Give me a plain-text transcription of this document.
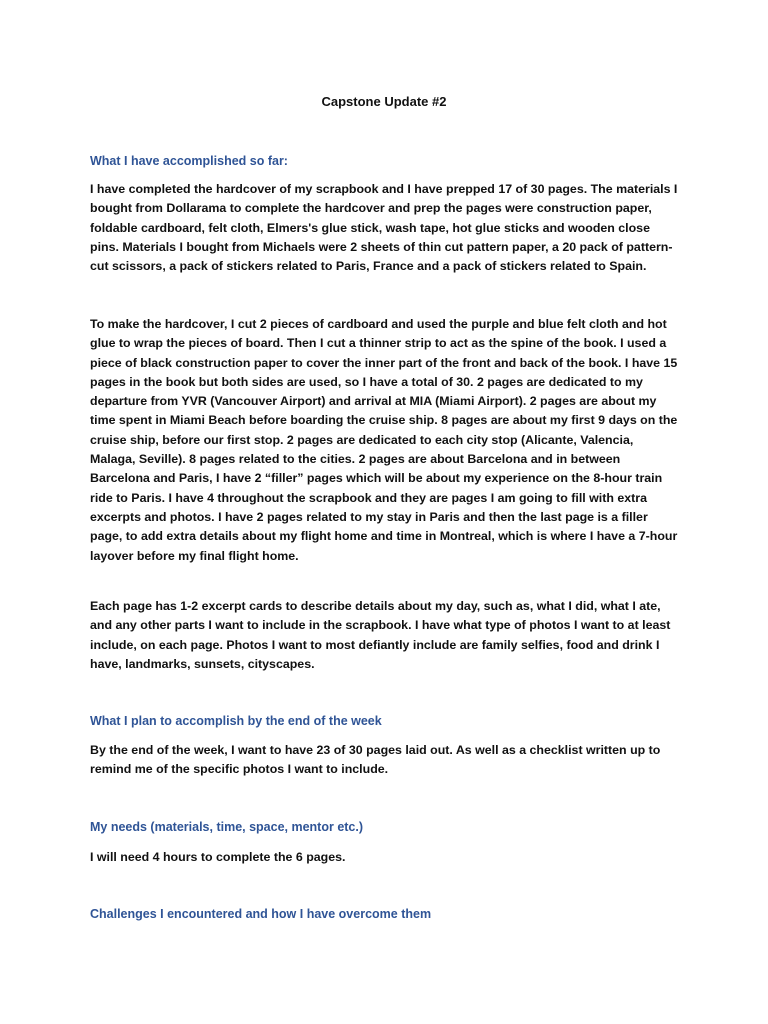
Capstone Update #2
What I have accomplished so far:

I have completed the hardcover of my scrapbook and I have prepped 17 of 30 pages. The materials I bought from Dollarama to complete the hardcover and prep the pages were construction paper, foldable cardboard, felt cloth, Elmers's glue stick, wash tape, hot glue sticks and wooden close pins. Materials I bought from Michaels were 2 sheets of thin cut pattern paper, a 20 pack of pattern-cut scissors, a pack of stickers related to Paris, France and a pack of stickers related to Spain.

To make the hardcover, I cut 2 pieces of cardboard and used the purple and blue felt cloth and hot glue to wrap the pieces of board. Then I cut a thinner strip to act as the spine of the book. I used a piece of black construction paper to cover the inner part of the front and back of the book. I have 15 pages in the book but both sides are used, so I have a total of 30. 2 pages are dedicated to my departure from YVR (Vancouver Airport) and arrival at MIA (Miami Airport). 2 pages are about my time spent in Miami Beach before boarding the cruise ship. 8 pages are about my first 9 days on the cruise ship, before our first stop. 2 pages are dedicated to each city stop (Alicante, Valencia, Malaga, Seville). 8 pages related to the cities. 2 pages are about Barcelona and in between Barcelona and Paris, I have 2 “filler” pages which will be about my experience on the 8-hour train ride to Paris. I have 4 throughout the scrapbook and they are pages I am going to fill with extra excerpts and photos. I have 2 pages related to my stay in Paris and then the last page is a filler page, to add extra details about my flight home and time in Montreal, which is where I have a 7-hour layover before my final flight home.

Each page has 1-2 excerpt cards to describe details about my day, such as, what I did, what I ate, and any other parts I want to include in the scrapbook. I have what type of photos I want to at least include, on each page. Photos I want to most defiantly include are family selfies, food and drink I have, landmarks, sunsets, cityscapes.

What I plan to accomplish by the end of the week

By the end of the week, I want to have 23 of 30 pages laid out. As well as a checklist written up to remind me of the specific photos I want to include.

My needs (materials, time, space, mentor etc.)

I will need 4 hours to complete the 6 pages.

Challenges I encountered and how I have overcome them
